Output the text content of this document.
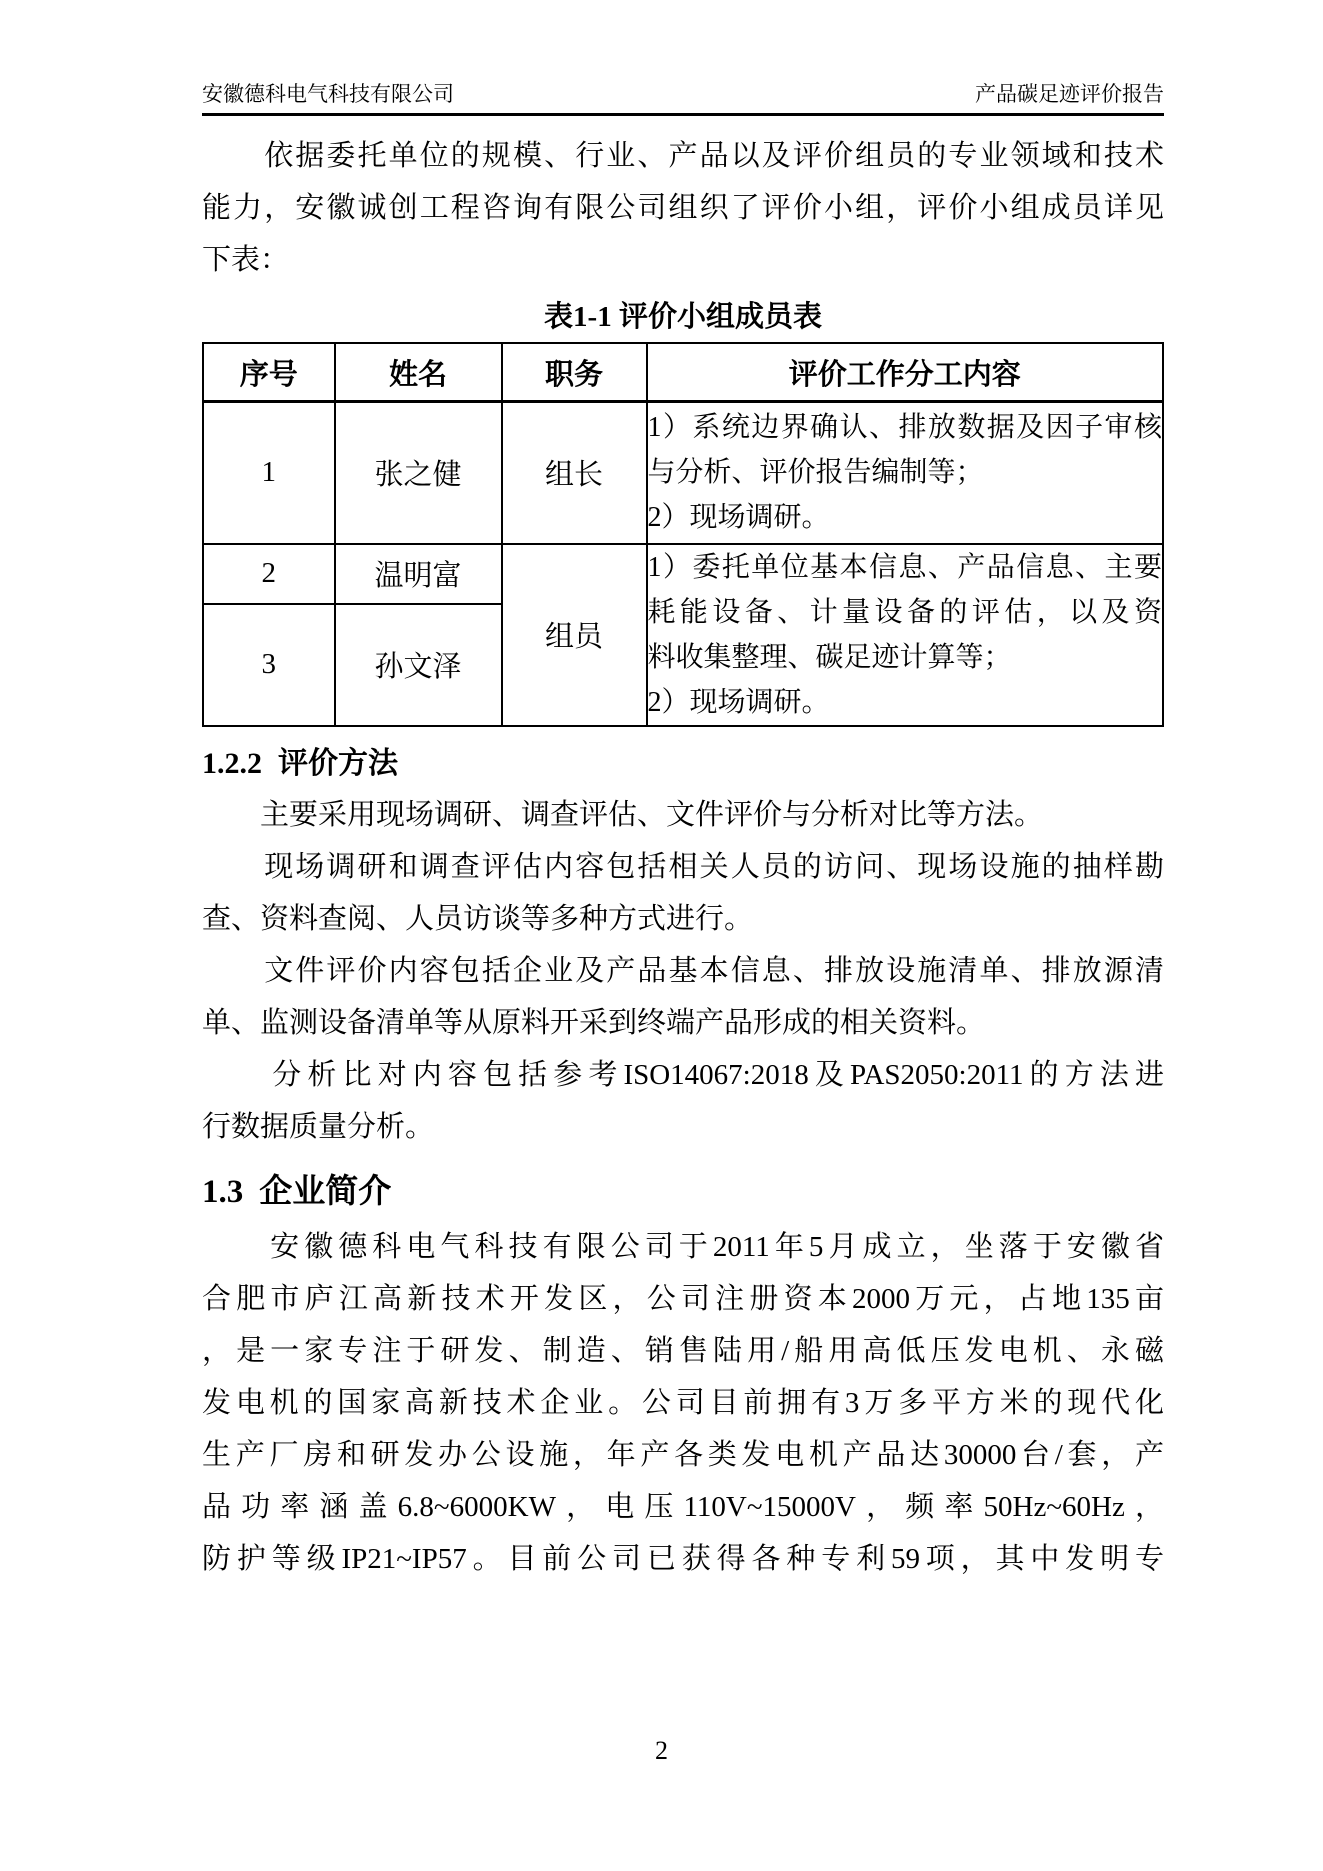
安徽德科电气科技有限公司	产品碳足迹评价报告
　　依据委托单位的规模、行业、产品以及评价组员的专业领域和技术
能力，安徽诚创工程咨询有限公司组织了评价小组，评价小组成员详见
下表：
表1-1 评价小组成员表
序号	姓名	职务	评价工作分工内容
1	张之健	组长	1）系统边界确认、排放数据及因子审核
与分析、评价报告编制等；
2）现场调研。

2	温明富	组员	1）委托单位基本信息、产品信息、主要
耗能设备、计量设备的评估，以及资
料收集整理、碳足迹计算等；
2）现场调研。

3	孙文泽		
1.2.2 评价方法
　　主要采用现场调研、调查评估、文件评价与分析对比等方法。
　　现场调研和调查评估内容包括相关人员的访问、现场设施的抽样勘
查、资料查阅、人员访谈等多种方式进行。
　　文件评价内容包括企业及产品基本信息、排放设施清单、排放源清
单、监测设备清单等从原料开采到终端产品形成的相关资料。
　　分析比对内容包括参考ISO14067:2018及PAS2050:2011的方法进
行数据质量分析。
1.3 企业简介
　　安徽德科电气科技有限公司于2011年5月成立，坐落于安徽省
合肥市庐江高新技术开发区，公司注册资本2000万元，占地135亩
，是一家专注于研发、制造、销售陆用/船用高低压发电机、永磁
发电机的国家高新技术企业。公司目前拥有3万多平方米的现代化
生产厂房和研发办公设施，年产各类发电机产品达30000台/套，产
品功率涵盖6.8~6000KW，电压110V~15000V，频率50Hz~60Hz，
防护等级IP21~IP57。目前公司已获得各种专利59项，其中发明专
2
